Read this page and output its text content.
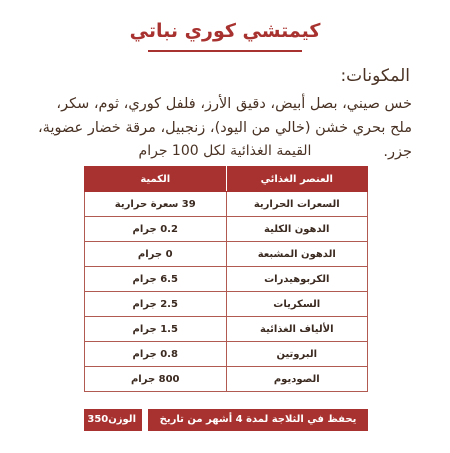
كيمتشي كوري نباتي
المكونات:
خس صيني، بصل أبيض، دقيق الأرز، فلفل كوري، ثوم، سكر، ملح بحري خشن (خالي من اليود)، زنجبيل، مرقة خضار عضوية، جزر.
القيمة الغذائية لكل 100 جرام
العنصر الغذائي	الكمية
السعرات الحرارية	39 سعرة حرارية
الدهون الكلية	0.2 جرام
الدهون المشبعة	0 جرام
الكربوهيدرات	6.5 جرام
السكريات	2.5 جرام
الألياف الغذائية	1.5 جرام
البروتين	0.8 جرام
الصوديوم	800 جرام
يحفظ في الثلاجة لمدة 4 أشهر من تاريخ الإنتاج
الوزن350 جم
